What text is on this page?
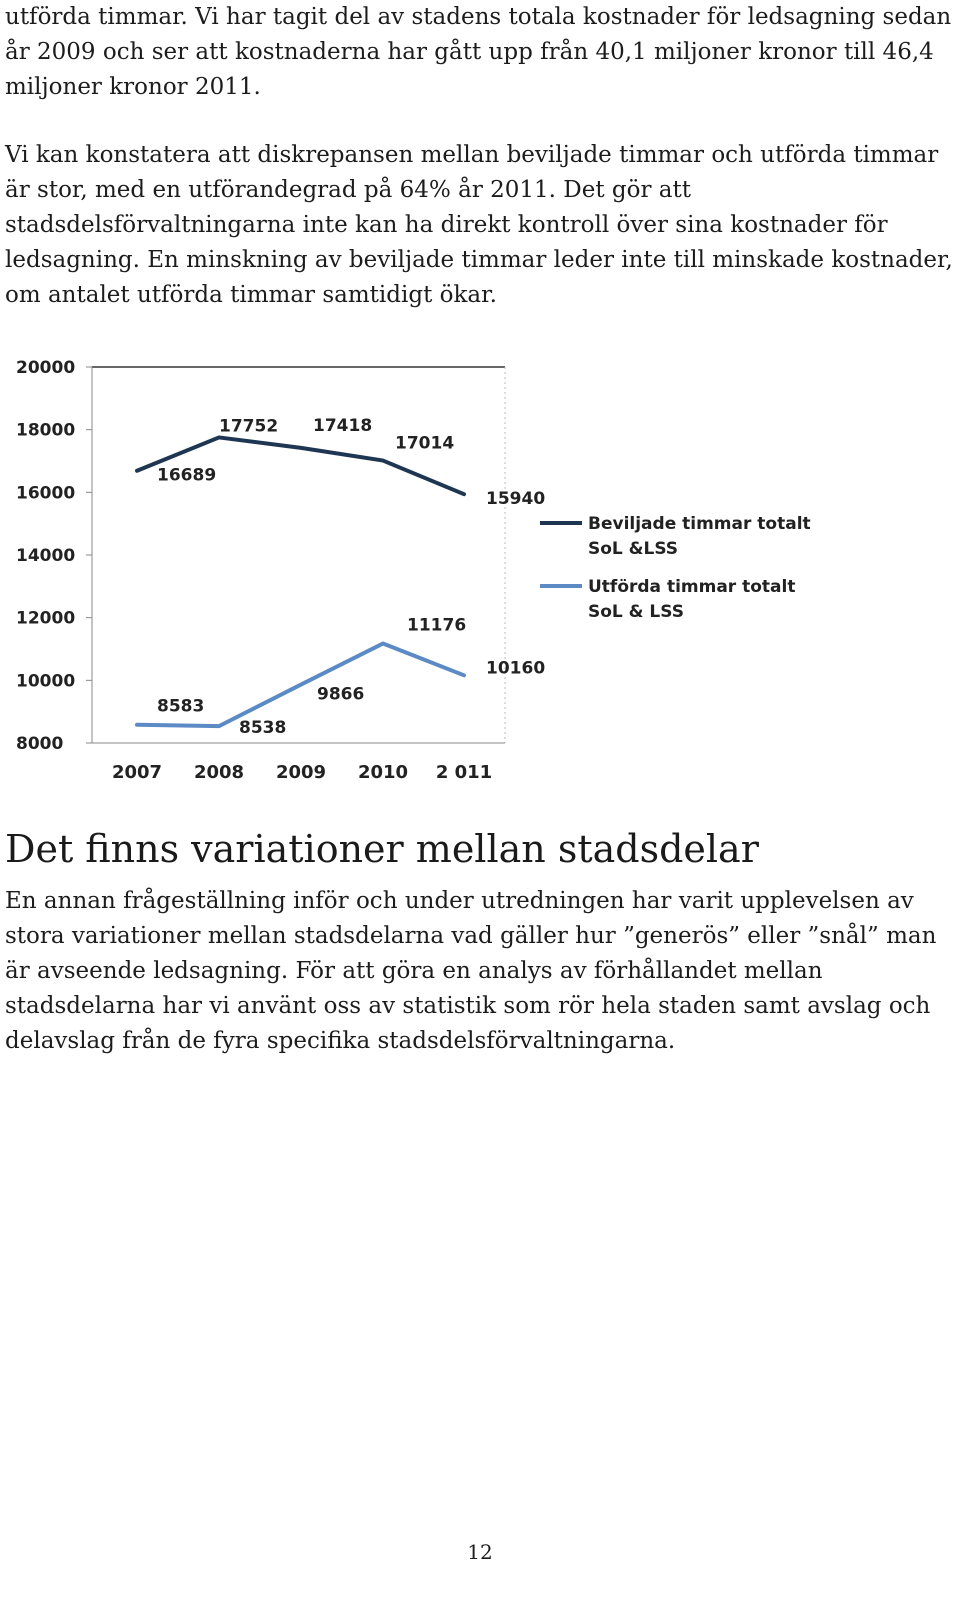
utförda timmar. Vi har tagit del av stadens totala kostnader för ledsagning sedan år 2009 och ser att kostnaderna har gått upp från 40,1 miljoner kronor till 46,4 miljoner kronor 2011.

Vi kan konstatera att diskrepansen mellan beviljade timmar och utförda timmar är stor, med en utförandegrad på 64% år 2011. Det gör att stadsdelsförvaltningarna inte kan ha direkt kontroll över sina kostnader för ledsagning. En minskning av beviljade timmar leder inte till minskade kostnader, om antalet utförda timmar samtidigt ökar.

20000
18000
16000
14000
12000
10000
8000
2007 2008 2009 2010 2 011
16689
17752 17418
17014
15940
Beviljade timmar totalt
SoL &LSS
8583
8538
9866
11176
10160
Utförda timmar totalt
SoL & LSS
Det finns variationer mellan stadsdelar

En annan frågeställning inför och under utredningen har varit upplevelsen av stora variationer mellan stadsdelarna vad gäller hur ”generös” eller ”snål” man är avseende ledsagning. För att göra en analys av förhållandet mellan stadsdelarna har vi använt oss av statistik som rör hela staden samt avslag och delavslag från de fyra specifika stadsdelsförvaltningarna.

12
